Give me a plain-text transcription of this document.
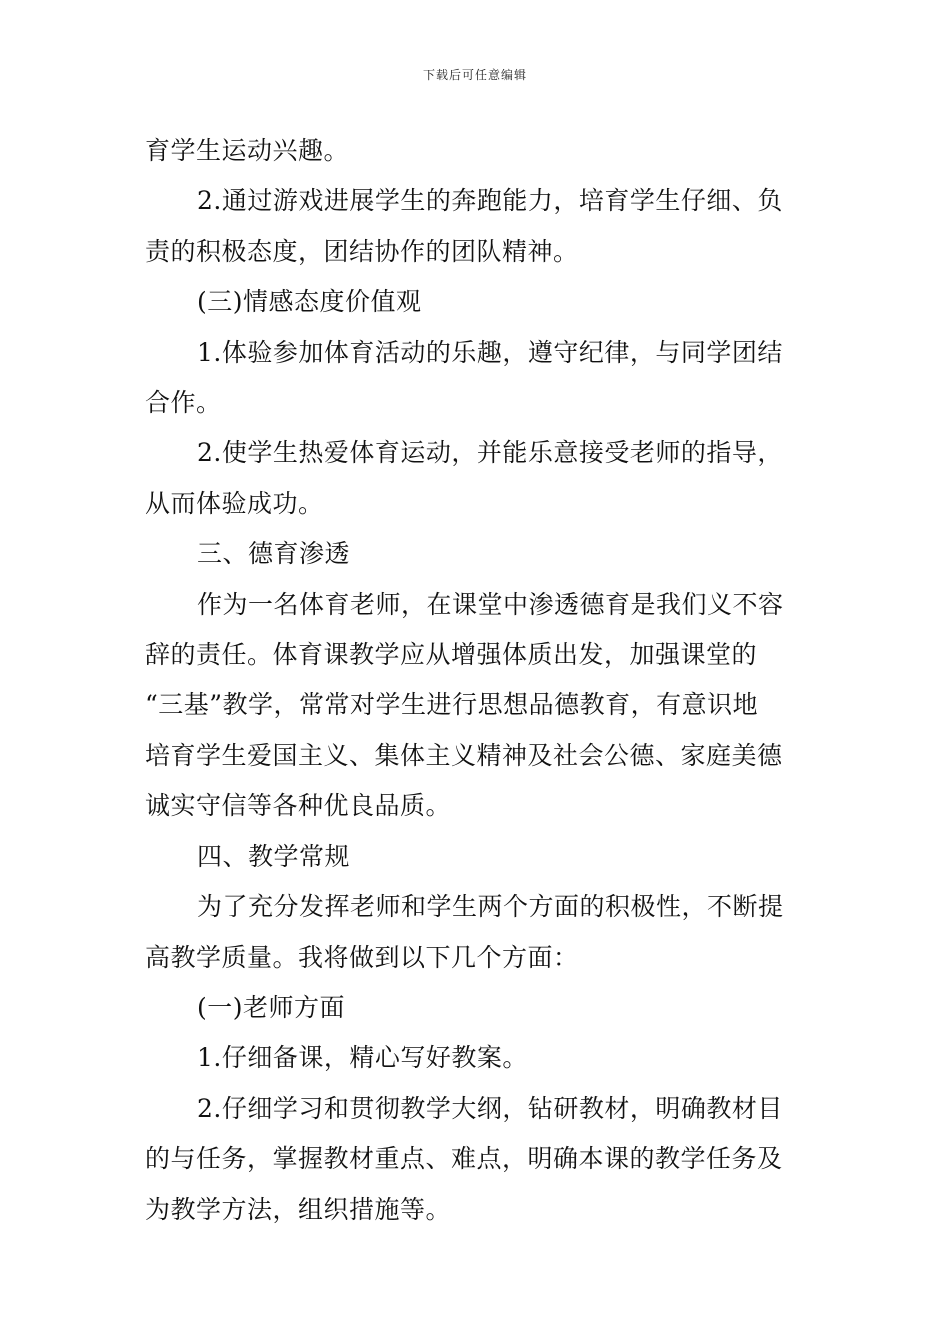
下载后可任意编辑

育学生运动兴趣。

2.通过游戏进展学生的奔跑能力，培育学生仔细、负
责的积极态度，团结协作的团队精神。

(三)情感态度价值观

1.体验参加体育活动的乐趣，遵守纪律，与同学团结
合作。

2.使学生热爱体育运动，并能乐意接受老师的指导，
从而体验成功。

三、德育渗透

作为一名体育老师，在课堂中渗透德育是我们义不容
辞的责任。体育课教学应从增强体质出发，加强课堂的
“三基”教学，常常对学生进行思想品德教育，有意识地
培育学生爱国主义、集体主义精神及社会公德、家庭美德
诚实守信等各种优良品质。

四、教学常规

为了充分发挥老师和学生两个方面的积极性，不断提
高教学质量。我将做到以下几个方面：

(一)老师方面

1.仔细备课，精心写好教案。

2.仔细学习和贯彻教学大纲，钻研教材，明确教材目
的与任务，掌握教材重点、难点，明确本课的教学任务及
为教学方法，组织措施等。
